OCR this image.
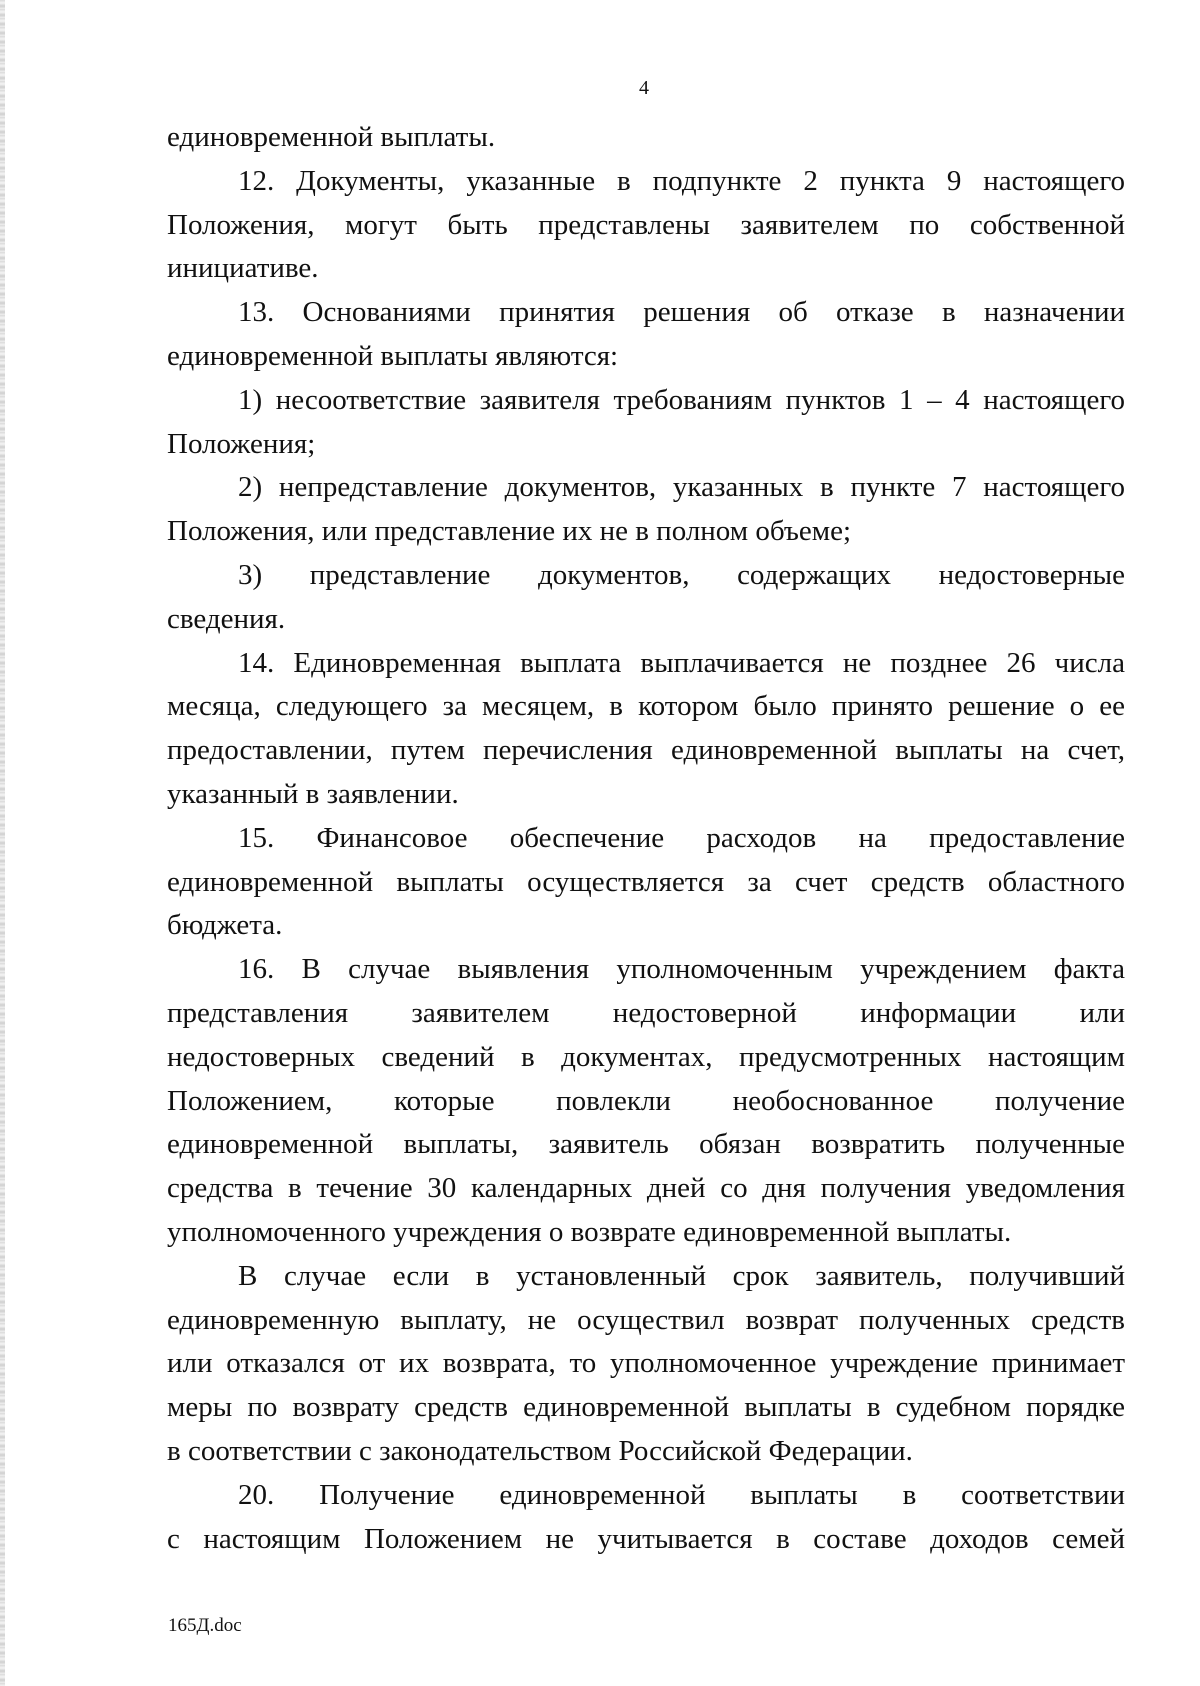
4
единовременной выплаты.
12. Документы, указанные в подпункте 2 пункта 9 настоящего
Положения, могут быть представлены заявителем по собственной
инициативе.
13. Основаниями принятия решения об отказе в назначении
единовременной выплаты являются:
1) несоответствие заявителя требованиям пунктов 1 – 4 настоящего
Положения;
2) непредставление документов, указанных в пункте 7 настоящего
Положения, или представление их не в полном объеме;
3) представление документов, содержащих недостоверные
сведения.
14. Единовременная выплата выплачивается не позднее 26 числа
месяца, следующего за месяцем, в котором было принято решение о ее
предоставлении, путем перечисления единовременной выплаты на счет,
указанный в заявлении.
15. Финансовое обеспечение расходов на предоставление
единовременной выплаты осуществляется за счет средств областного
бюджета.
16. В случае выявления уполномоченным учреждением факта
представления заявителем недостоверной информации или
недостоверных сведений в документах, предусмотренных настоящим
Положением, которые повлекли необоснованное получение
единовременной выплаты, заявитель обязан возвратить полученные
средства в течение 30 календарных дней со дня получения уведомления
уполномоченного учреждения о возврате единовременной выплаты.
В случае если в установленный срок заявитель, получивший
единовременную выплату, не осуществил возврат полученных средств
или отказался от их возврата, то уполномоченное учреждение принимает
меры по возврату средств единовременной выплаты в судебном порядке
в соответствии с законодательством Российской Федерации.
20. Получение единовременной выплаты в соответствии
с настоящим Положением не учитывается в составе доходов семей
165Д.doc
